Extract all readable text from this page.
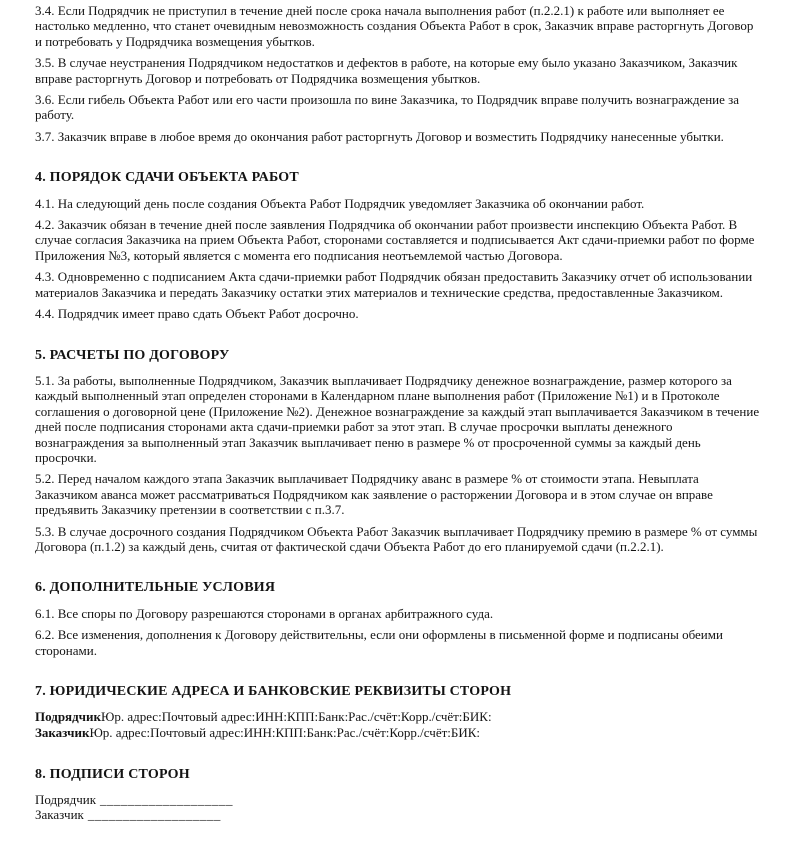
3.4. Если Подрядчик не приступил в течение дней после срока начала выполнения работ (п.2.2.1) к работе или выполняет ее настолько медленно, что станет очевидным невозможность создания Объекта Работ в срок, Заказчик вправе расторгнуть Договор и потребовать у Подрядчика возмещения убытков.

3.5. В случае неустранения Подрядчиком недостатков и дефектов в работе, на которые ему было указано Заказчиком, Заказчик вправе расторгнуть Договор и потребовать от Подрядчика возмещения убытков.

3.6. Если гибель Объекта Работ или его части произошла по вине Заказчика, то Подрядчик вправе получить вознаграждение за работу.

3.7. Заказчик вправе в любое время до окончания работ расторгнуть Договор и возместить Подрядчику нанесенные убытки.

4. ПОРЯДОК СДАЧИ ОБЪЕКТА РАБОТ

4.1. На следующий день после создания Объекта Работ Подрядчик уведомляет Заказчика об окончании работ.

4.2. Заказчик обязан в течение дней после заявления Подрядчика об окончании работ произвести инспекцию Объекта Работ. В случае согласия Заказчика на прием Объекта Работ, сторонами составляется и подписывается Акт сдачи-приемки работ по форме Приложения №3, который является с момента его подписания неотъемлемой частью Договора.

4.3. Одновременно с подписанием Акта сдачи-приемки работ Подрядчик обязан предоставить Заказчику отчет об использовании материалов Заказчика и передать Заказчику остатки этих материалов и технические средства, предоставленные Заказчиком.

4.4. Подрядчик имеет право сдать Объект Работ досрочно.

5. РАСЧЕТЫ ПО ДОГОВОРУ

5.1. За работы, выполненные Подрядчиком, Заказчик выплачивает Подрядчику денежное вознаграждение, размер которого за каждый выполненный этап определен сторонами в Календарном плане выполнения работ (Приложение №1) и в Протоколе соглашения о договорной цене (Приложение №2). Денежное вознаграждение за каждый этап выплачивается Заказчиком в течение дней после подписания сторонами акта сдачи-приемки работ за этот этап. В случае просрочки выплаты денежного вознаграждения за выполненный этап Заказчик выплачивает пеню в размере % от просроченной суммы за каждый день просрочки.

5.2. Перед началом каждого этапа Заказчик выплачивает Подрядчику аванс в размере % от стоимости этапа. Невыплата Заказчиком аванса может рассматриваться Подрядчиком как заявление о расторжении Договора и в этом случае он вправе предъявить Заказчику претензии в соответствии с п.3.7.

5.3. В случае досрочного создания Подрядчиком Объекта Работ Заказчик выплачивает Подрядчику премию в размере % от суммы Договора (п.1.2) за каждый день, считая от фактической сдачи Объекта Работ до его планируемой сдачи (п.2.2.1).

6. ДОПОЛНИТЕЛЬНЫЕ УСЛОВИЯ

6.1. Все споры по Договору разрешаются сторонами в органах арбитражного суда.

6.2. Все изменения, дополнения к Договору действительны, если они оформлены в письменной форме и подписаны обеими сторонами.

7. ЮРИДИЧЕСКИЕ АДРЕСА И БАНКОВСКИЕ РЕКВИЗИТЫ СТОРОН

ПодрядчикЮр. адрес:Почтовый адрес:ИНН:КПП:Банк:Рас./счёт:Корр./счёт:БИК:

ЗаказчикЮр. адрес:Почтовый адрес:ИНН:КПП:Банк:Рас./счёт:Корр./счёт:БИК:

8. ПОДПИСИ СТОРОН

Подрядчик ___________________

Заказчик ___________________
